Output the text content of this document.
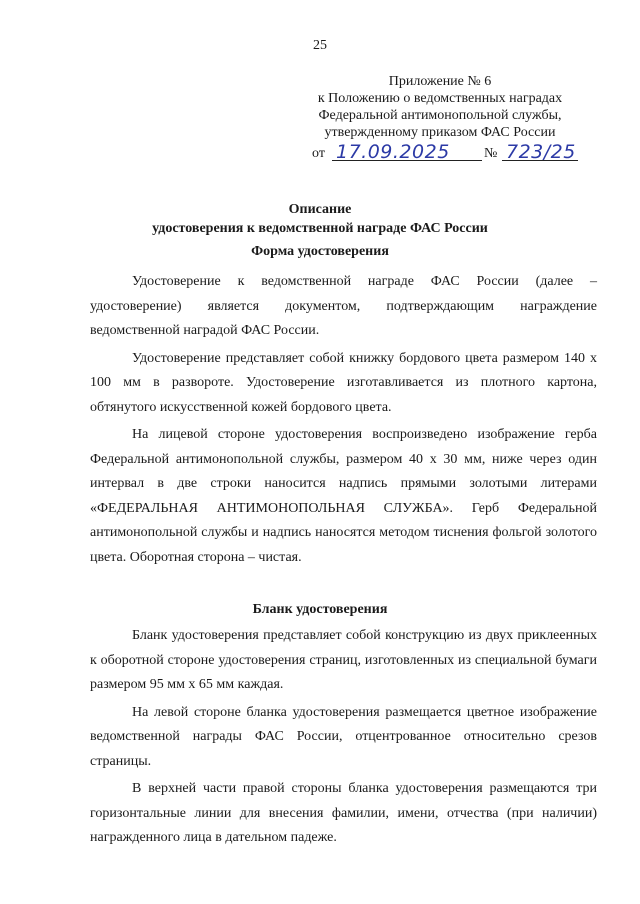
25
Приложение № 6
к Положению о ведомственных наградах
Федеральной антимонопольной службы,
утвержденному приказом ФАС России
от 17.09.2025 № 723/25
Описание
удостоверения к ведомственной награде ФАС России
Форма удостоверения

Удостоверение к ведомственной награде ФАС России (далее – удостоверение) является документом, подтверждающим награждение ведомственной наградой ФАС России.

Удостоверение представляет собой книжку бордового цвета размером 140 х 100 мм в развороте. Удостоверение изготавливается из плотного картона, обтянутого искусственной кожей бордового цвета.

На лицевой стороне удостоверения воспроизведено изображение герба Федеральной антимонопольной службы, размером 40 х 30 мм, ниже через один интервал в две строки наносится надпись прямыми золотыми литерами «ФЕДЕРАЛЬНАЯ АНТИМОНОПОЛЬНАЯ СЛУЖБА». Герб Федеральной антимонопольной службы и надпись наносятся методом тиснения фольгой золотого цвета. Оборотная сторона – чистая.

Бланк удостоверения

Бланк удостоверения представляет собой конструкцию из двух приклеенных к оборотной стороне удостоверения страниц, изготовленных из специальной бумаги размером 95 мм х 65 мм каждая.

На левой стороне бланка удостоверения размещается цветное изображение ведомственной награды ФАС России, отцентрованное относительно срезов страницы.

В верхней части правой стороны бланка удостоверения размещаются три горизонтальные линии для внесения фамилии, имени, отчества (при наличии) награжденного лица в дательном падеже.
